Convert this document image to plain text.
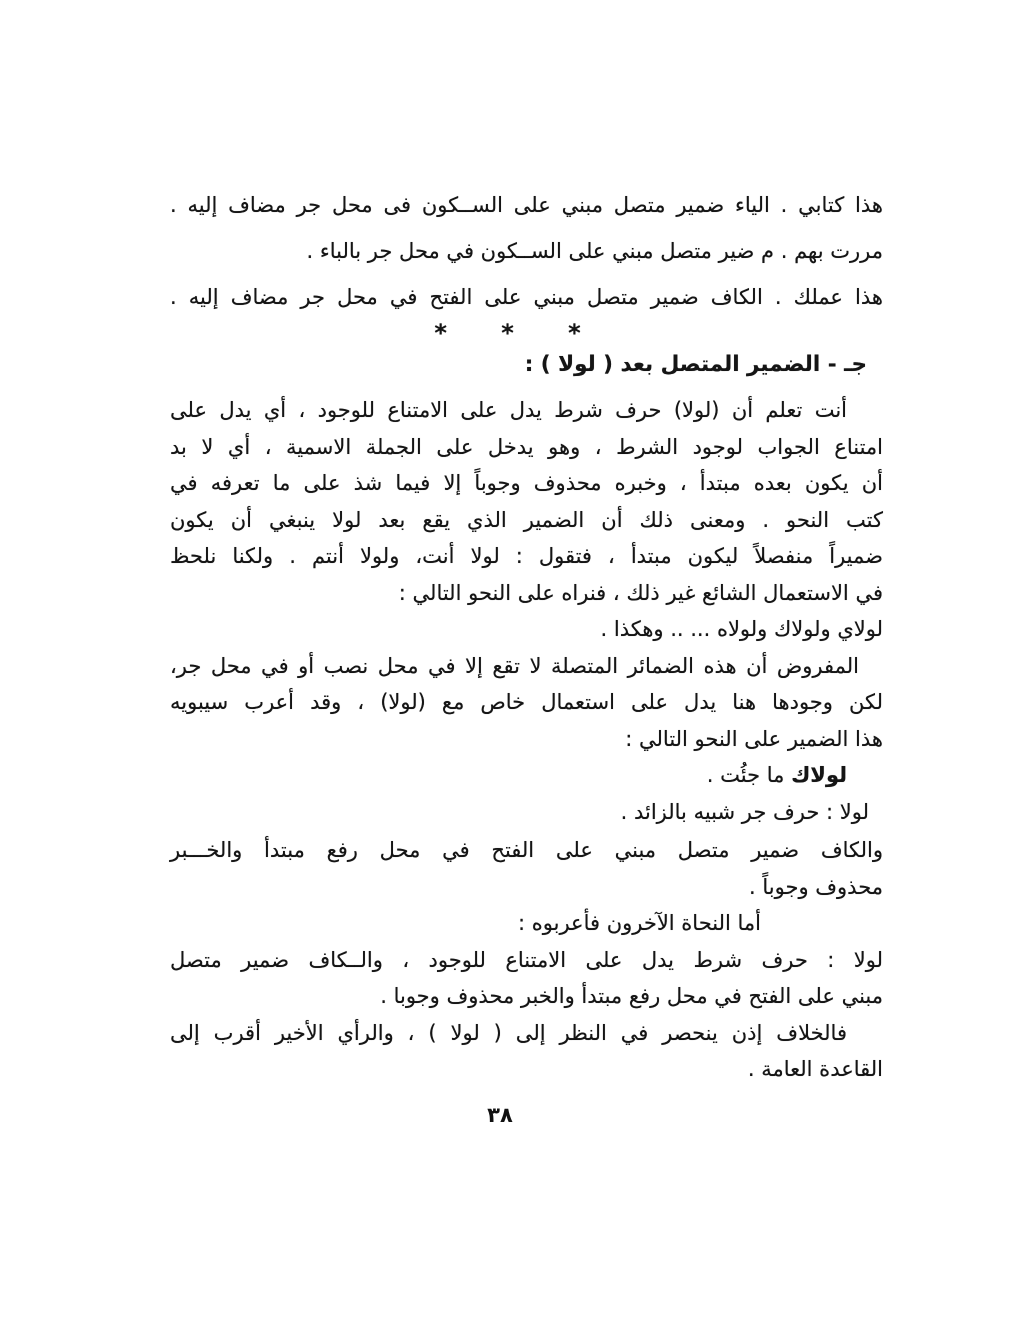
هذا كتابي . الياء ضمير متصل مبني على الســكون فى محل جر مضاف إليه .
مررت بهم . م ضير متصل مبني على الســكون في محل جر بالباء .
هذا عملك . الكاف ضمير متصل مبني على الفتح في محل جر مضاف إليه .
* * *
جـ - الضمير المتصل بعد ( لولا ) :
أنت تعلم أن (لولا) حرف شرط يدل على الامتناع للوجود ، أي يدل على
امتناع الجواب لوجود الشرط ، وهو يدخل على الجملة الاسمية ، أي لا بد
أن يكون بعده مبتدأ ، وخبره محذوف وجوباً إلا فيما شذ على ما تعرفه في
كتب النحو . ومعنى ذلك أن الضمير الذي يقع بعد لولا ينبغي أن يكون
ضميراً منفصلاً ليكون مبتدأ ، فتقول : لولا أنت، ولولا أنتم . ولكنا نلحظ
في الاستعمال الشائع غير ذلك ، فنراه على النحو التالي :
لولاي ولولاك ولولاه ... .. وهكذا .
المفروض أن هذه الضمائر المتصلة لا تقع إلا في محل نصب أو في محل جر،
لكن وجودها هنا يدل على استعمال خاص مع (لولا) ، وقد أعرب سيبويه
هذا الضمير على النحو التالي :
لولاك ما جئُت .
لولا : حرف جر شبيه بالزائد .
والكاف ضمير متصل مبني على الفتح في محل رفع مبتدأ والخـــبر
محذوف وجوباً .
أما النحاة الآخرون فأعربوه :
لولا : حرف شرط يدل على الامتناع للوجود ، والــكاف ضمير متصل
مبني على الفتح في محل رفع مبتدأ والخبر محذوف وجوبا .
فالخلاف إذن ينحصر في النظر إلى ( لولا ) ، والرأي الأخير أقرب إلى
القاعدة العامة .
٣٨
